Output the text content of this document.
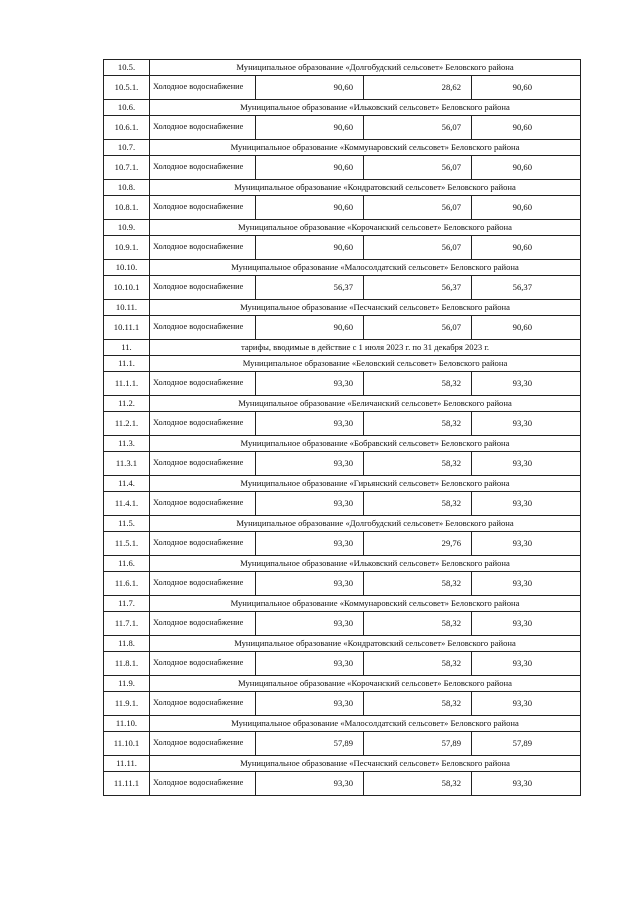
10.5.	Муниципальное образование «Долгобудский сельсовет» Беловского района			
10.5.1.	Холодное водоснабжение	90,60	28,62	90,60
10.6.	Муниципальное образование «Ильковский сельсовет» Беловского района			
10.6.1.	Холодное водоснабжение	90,60	56,07	90,60
10.7.	Муниципальное образование «Коммунаровский сельсовет» Беловского района			
10.7.1.	Холодное водоснабжение	90,60	56,07	90,60
10.8.	Муниципальное образование «Кондратовский сельсовет» Беловского района			
10.8.1.	Холодное водоснабжение	90,60	56,07	90,60
10.9.	Муниципальное образование «Корочанский сельсовет» Беловского района			
10.9.1.	Холодное водоснабжение	90,60	56,07	90,60
10.10.	Муниципальное образование «Малосолдатский сельсовет» Беловского района			
10.10.1	Холодное водоснабжение	56,37	56,37	56,37
10.11.	Муниципальное образование «Песчанский сельсовет» Беловского района			
10.11.1	Холодное водоснабжение	90,60	56,07	90,60
11.	тарифы, вводимые в действие с 1 июля 2023 г. по 31 декабря 2023 г.			
11.1.	Муниципальное образование «Беловский сельсовет» Беловского района			
11.1.1.	Холодное водоснабжение	93,30	58,32	93,30
11.2.	Муниципальное образование «Беличанский сельсовет» Беловского района			
11.2.1.	Холодное водоснабжение	93,30	58,32	93,30
11.3.	Муниципальное образование «Бобравский сельсовет» Беловского района			
11.3.1	Холодное водоснабжение	93,30	58,32	93,30
11.4.	Муниципальное образование «Гирьянский сельсовет» Беловского района			
11.4.1.	Холодное водоснабжение	93,30	58,32	93,30
11.5.	Муниципальное образование «Долгобудский сельсовет» Беловского района			
11.5.1.	Холодное водоснабжение	93,30	29,76	93,30
11.6.	Муниципальное образование «Ильковский сельсовет» Беловского района			
11.6.1.	Холодное водоснабжение	93,30	58,32	93,30
11.7.	Муниципальное образование «Коммунаровский сельсовет» Беловского района			
11.7.1.	Холодное водоснабжение	93,30	58,32	93,30
11.8.	Муниципальное образование «Кондратовский сельсовет» Беловского района			
11.8.1.	Холодное водоснабжение	93,30	58,32	93,30
11.9.	Муниципальное образование «Корочанский сельсовет» Беловского района			
11.9.1.	Холодное водоснабжение	93,30	58,32	93,30
11.10.	Муниципальное образование «Малосолдатский сельсовет» Беловского района			
11.10.1	Холодное водоснабжение	57,89	57,89	57,89
11.11.	Муниципальное образование «Песчанский сельсовет» Беловского района			
11.11.1	Холодное водоснабжение	93,30	58,32	93,30
